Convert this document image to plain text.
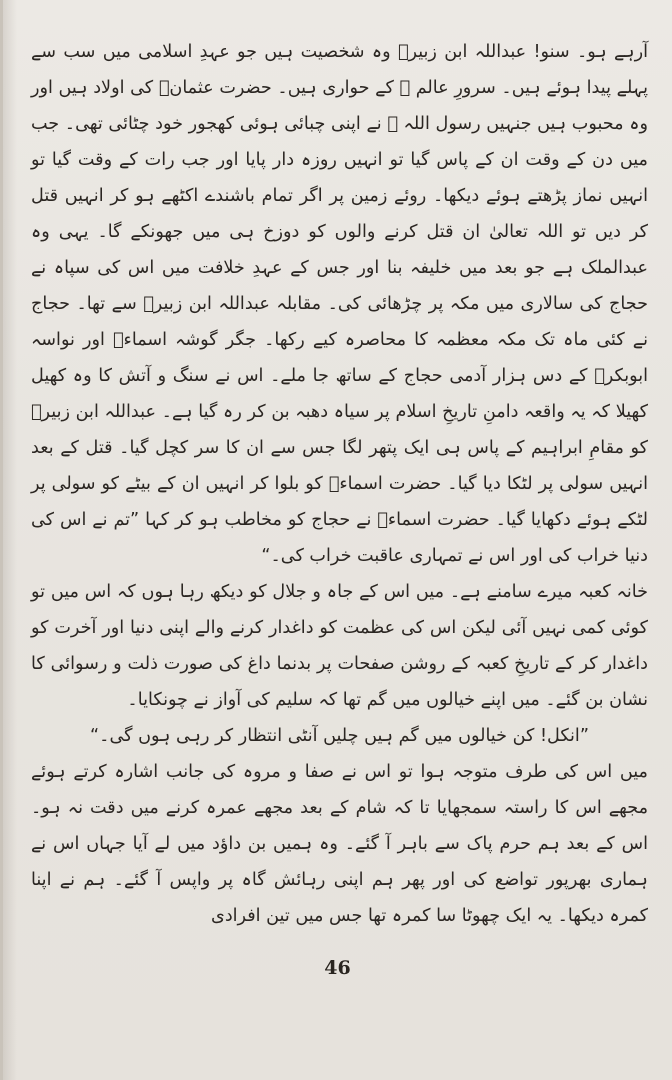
آرہے ہو۔ سنو! عبداللہ ابن زبیرؓ وہ شخصیت ہیں جو عہدِ اسلامی میں سب سے پہلے پیدا ہوئے ہیں۔ سرورِ عالم ﷺ کے حواری ہیں۔ حضرت عثمانؓ کی اولاد ہیں اور وہ محبوب ہیں جنہیں رسول اللہ ﷺ نے اپنی چبائی ہوئی کھجور خود چٹائی تھی۔ جب میں دن کے وقت ان کے پاس گیا تو انہیں روزہ دار پایا اور جب رات کے وقت گیا تو انہیں نماز پڑھتے ہوئے دیکھا۔ روئے زمین پر اگر تمام باشندے اکٹھے ہو کر انہیں قتل کر دیں تو اللہ تعالیٰ ان قتل کرنے والوں کو دوزخ ہی میں جھونکے گا۔ یہی وہ عبدالملک ہے جو بعد میں خلیفہ بنا اور جس کے عہدِ خلافت میں اس کی سپاہ نے حجاج کی سالاری میں مکہ پر چڑھائی کی۔ مقابلہ عبداللہ ابن زبیرؓ سے تھا۔ حجاج نے کئی ماہ تک مکہ معظمہ کا محاصرہ کیے رکھا۔ جگر گوشہ اسماءؓ اور نواسہ ابوبکرؓ کے دس ہزار آدمی حجاج کے ساتھ جا ملے۔ اس نے سنگ و آتش کا وہ کھیل کھیلا کہ یہ واقعہ دامنِ تاریخِ اسلام پر سیاہ دھبہ بن کر رہ گیا ہے۔ عبداللہ ابن زبیرؓ کو مقامِ ابراہیم کے پاس ہی ایک پتھر لگا جس سے ان کا سر کچل گیا۔ قتل کے بعد انہیں سولی پر لٹکا دیا گیا۔ حضرت اسماءؓ کو بلوا کر انہیں ان کے بیٹے کو سولی پر لٹکے ہوئے دکھایا گیا۔ حضرت اسماءؓ نے حجاج کو مخاطب ہو کر کہا ”تم نے اس کی دنیا خراب کی اور اس نے تمہاری عاقبت خراب کی۔“

خانہ کعبہ میرے سامنے ہے۔ میں اس کے جاہ و جلال کو دیکھ رہا ہوں کہ اس میں تو کوئی کمی نہیں آئی لیکن اس کی عظمت کو داغدار کرنے والے اپنی دنیا اور آخرت کو داغدار کر کے تاریخِ کعبہ کے روشن صفحات پر بدنما داغ کی صورت ذلت و رسوائی کا نشان بن گئے۔ میں اپنے خیالوں میں گم تھا کہ سلیم کی آواز نے چونکایا۔

”انکل! کن خیالوں میں گم ہیں چلیں آنٹی انتظار کر رہی ہوں گی۔“

میں اس کی طرف متوجہ ہوا تو اس نے صفا و مروہ کی جانب اشارہ کرتے ہوئے مجھے اس کا راستہ سمجھایا تا کہ شام کے بعد مجھے عمرہ کرنے میں دقت نہ ہو۔ اس کے بعد ہم حرم پاک سے باہر آ گئے۔ وہ ہمیں بن داؤد میں لے آیا جہاں اس نے ہماری بھرپور تواضع کی اور پھر ہم اپنی رہائش گاہ پر واپس آ گئے۔ ہم نے اپنا کمرہ دیکھا۔ یہ ایک چھوٹا سا کمرہ تھا جس میں تین افرادی

46
